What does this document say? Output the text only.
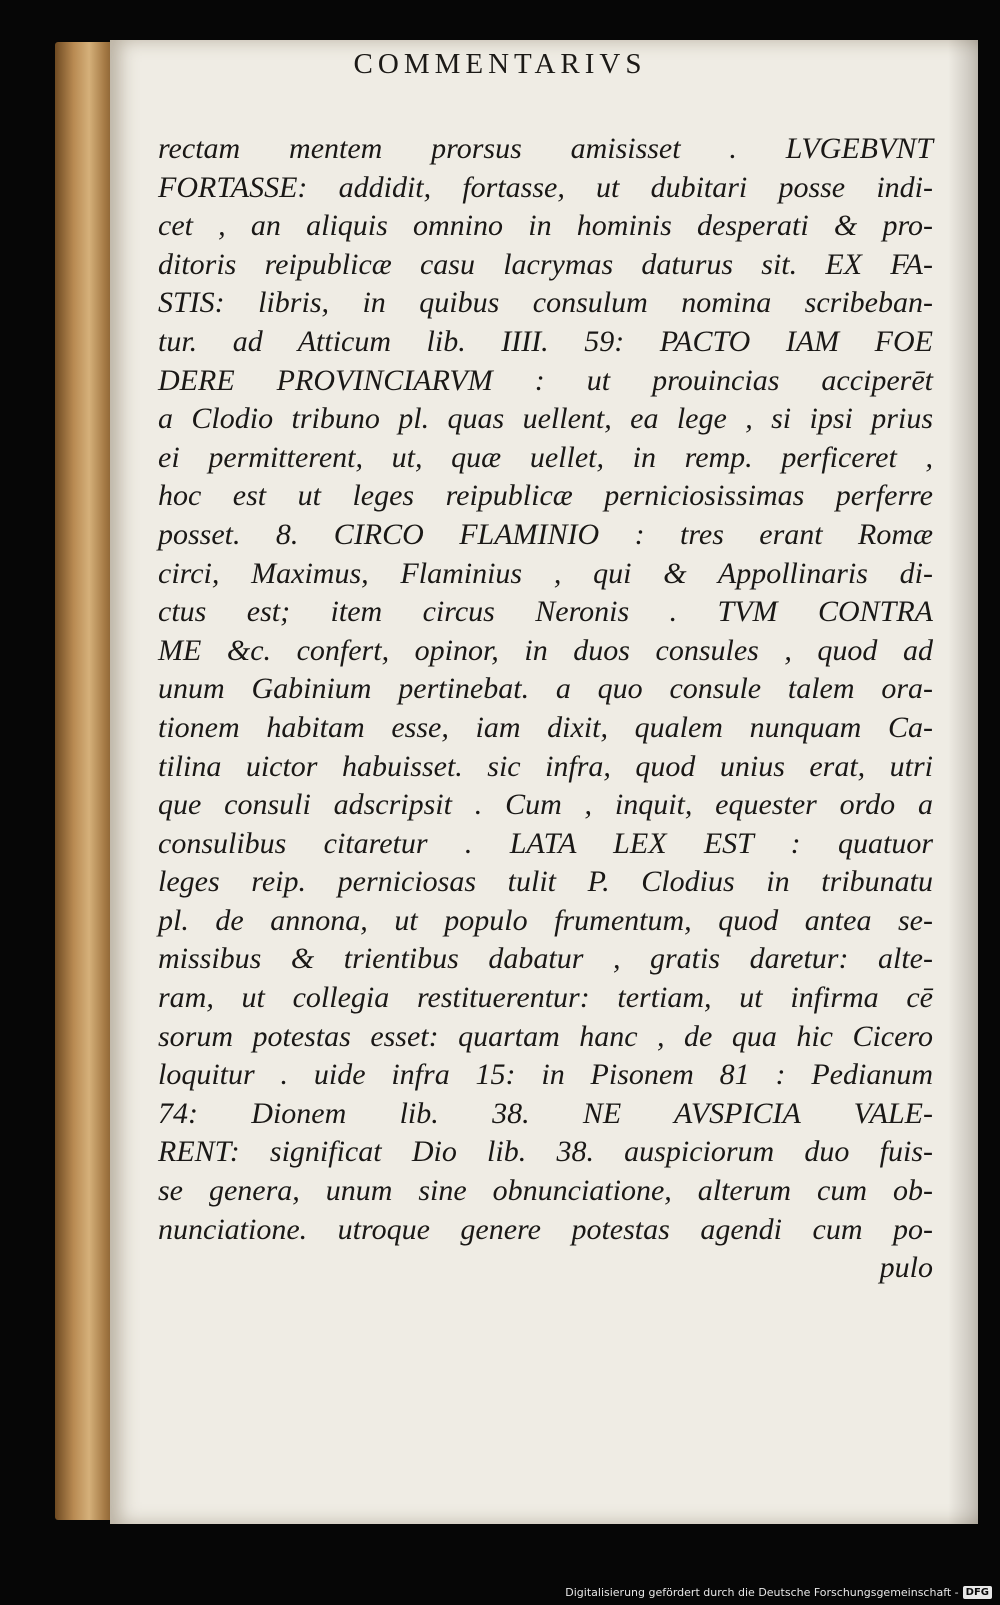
COMMENTARIVS
rectam mentem prorsus amisisset . LVGEBVNT
FORTASSE: addidit, fortasse, ut dubitari posse indi-
cet , an aliquis omnino in hominis desperati & pro-
ditoris reipublicæ casu lacrymas daturus sit. EX FA-
STIS: libris, in quibus consulum nomina scribeban-
tur. ad Atticum lib. IIII. 59: PACTO IAM FOE
DERE PROVINCIARVM : ut prouincias acciperēt
a Clodio tribuno pl. quas uellent, ea lege , si ipsi prius
ei permitterent, ut, quæ uellet, in remp. perficeret ,
hoc est ut leges reipublicæ perniciosissimas perferre
posset. 8. CIRCO FLAMINIO : tres erant Romæ
circi, Maximus, Flaminius , qui & Appollinaris di-
ctus est; item circus Neronis . TVM CONTRA
ME &c. confert, opinor, in duos consules , quod ad
unum Gabinium pertinebat. a quo consule talem ora-
tionem habitam esse, iam dixit, qualem nunquam Ca-
tilina uictor habuisset. sic infra, quod unius erat, utri
que consuli adscripsit . Cum , inquit, equester ordo a
consulibus citaretur . LATA LEX EST : quatuor
leges reip. perniciosas tulit P. Clodius in tribunatu
pl. de annona, ut populo frumentum, quod antea se-
missibus & trientibus dabatur , gratis daretur: alte-
ram, ut collegia restituerentur: tertiam, ut infirma cē
sorum potestas esset: quartam hanc , de qua hic Cicero
loquitur . uide infra 15: in Pisonem 81 : Pedianum
74: Dionem lib. 38. NE AVSPICIA VALE-
RENT: significat Dio lib. 38. auspiciorum duo fuis-
se genera, unum sine obnunciatione, alterum cum ob-
nunciatione. utroque genere potestas agendi cum po-
pulo
Digitalisierung gefördert durch die Deutsche Forschungsgemeinschaft - DFG
